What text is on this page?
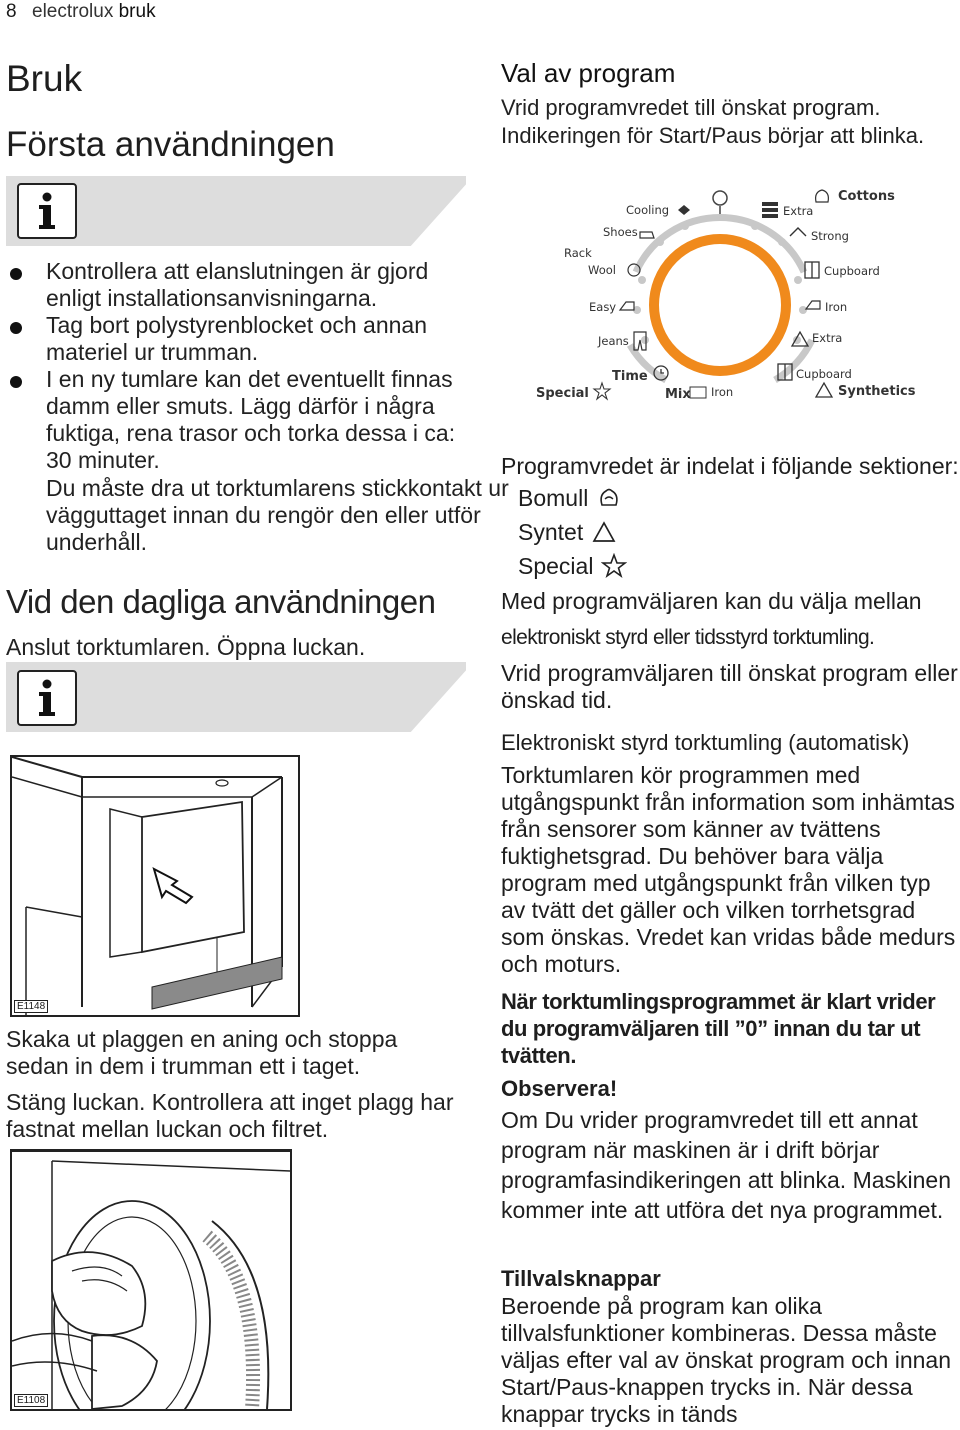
8 electrolux bruk
Bruk
Första användningen
Kontrollera att elanslutningen är gjord enligt installationsanvisningarna.
Tag bort polystyrenblocket och annan materiel ur trumman.
I en ny tumlare kan det eventuellt finnas damm eller smuts. Lägg därför i några fuktiga, rena trasor och torka dessa i ca: 30 minuter.
Du måste dra ut torktumlarens stickkontakt ur vägguttaget innan du rengör den eller utför underhåll.
Vid den dagliga användningen
Anslut torktumlaren. Öppna luckan.
E1148
Skaka ut plaggen en aning och stoppa sedan in dem i trumman ett i taget.
Stäng luckan. Kontrollera att inget plagg har fastnat mellan luckan och filtret.
E1108
Val av program
Vrid programvredet till önskat program. Indikeringen för Start/Paus börjar att blinka.
Cooling
Shoes
Rack
Wool
Easy
Jeans
Time
Special	Mix Iron
Extra
Cottons
Strong
Cupboard
Iron
Extra
Cupboard
Synthetics
Programvredet är indelat i följande sektioner:
Bomull
Syntet
Special
Med programväljaren kan du välja mellan
elektroniskt styrd eller tidsstyrd torktumling.
Vrid programväljaren till önskat program eller önskad tid.
Elektroniskt styrd torktumling (automatisk)
Torktumlaren kör programmen med utgångspunkt från information som inhämtas från sensorer som känner av tvättens fuktighetsgrad. Du behöver bara välja program med utgångspunkt från vilken typ av tvätt det gäller och vilken torrhetsgrad som önskas. Vredet kan vridas både medurs och moturs.
När torktumlingsprogrammet är klart vrider du programväljaren till ”0” innan du tar ut tvätten.
Observera!
Om Du vrider programvredet till ett annat program när maskinen är i drift börjar programfasindikeringen att blinka. Maskinen kommer inte att utföra det nya programmet.
Tillvalsknappar
Beroende på program kan olika tillvalsfunktioner kombineras. Dessa måste väljas efter val av önskat program och innan Start/Paus-knappen trycks in. När dessa knappar trycks in tänds
